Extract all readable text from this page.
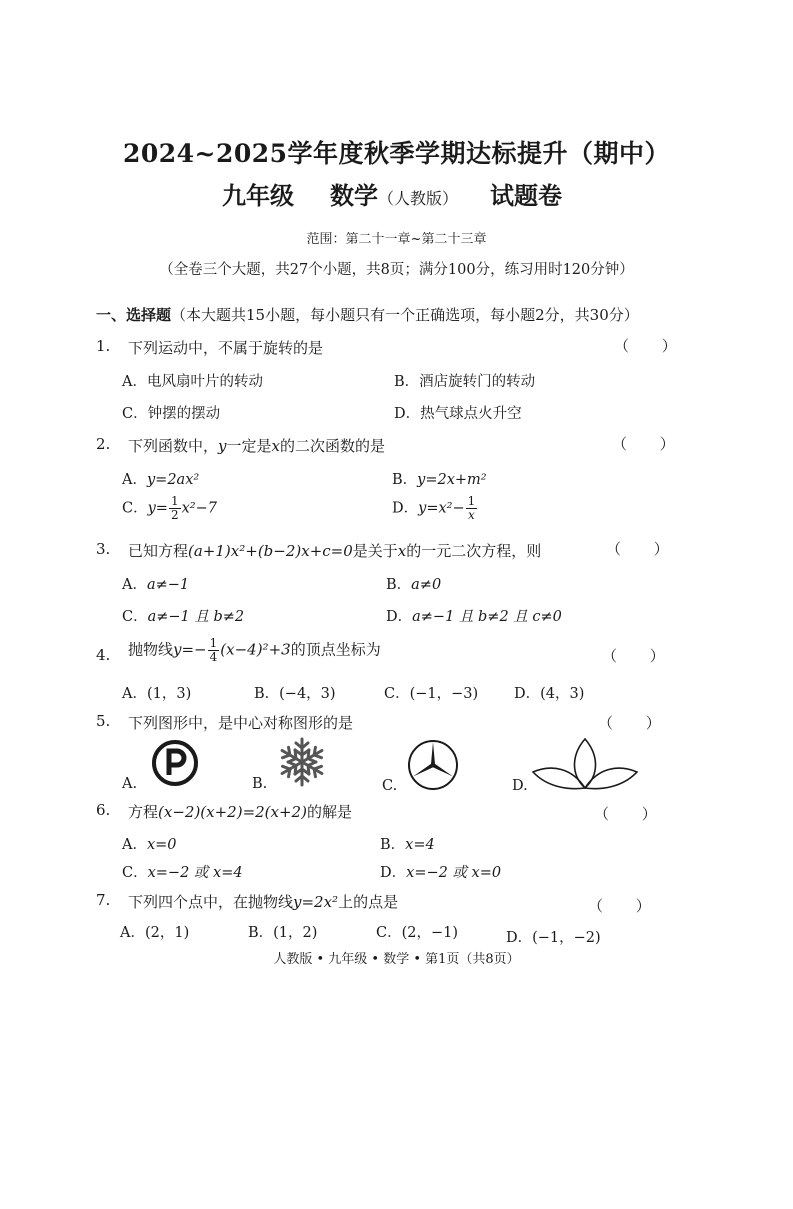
2024~2025学年度秋季学期达标提升（期中）
九年级 数学（人教版） 试题卷
范围：第二十一章~第二十三章
（全卷三个大题，共27个小题，共8页；满分100分，练习用时120分钟）
一、选择题（本大题共15小题，每小题只有一个正确选项，每小题2分，共30分）
1. 下列运动中，不属于旋转的是	（ ）
A．电风扇叶片的转动	B．酒店旋转门的转动
C．钟摆的摆动	D．热气球点火升空
2. 下列函数中，y一定是x的二次函数的是	（ ）
A．y=2ax²	B．y=2x+m²
C．$y= \frac{1}{2} x^2-7$	D．$y=x^2- \frac{1}{x}$
3. 已知方程(a+1)x²+(b−2)x+c=0是关于x的一元二次方程，则	（ ）
A．a≠−1	B．a≠0
C．a≠−1 且 b≠2	D．a≠−1 且 b≠2 且 c≠0
4. 抛物线$y=- \frac{1}{4} (x-4)^2+3$的顶点坐标为	（ ）
A．(1，3)	B．(−4，3)	C．(−1，−3) D．(4，3)
5. 下列图形中，是中心对称图形的是	（ ）
A.	B.	C.	D.
6. 方程(x−2)(x+2)=2(x+2)的解是	（ ）
A．x=0	B．x=4
C．x=−2 或 x=4	D．x=−2 或 x=0
7. 下列四个点中，在抛物线y=2x²上的点是	（ ）
A．(2，1)	B．(1，2)	C．(2，−1)	D．(−1，−2)
人教版 • 九年级 • 数学 • 第1页（共8页）
